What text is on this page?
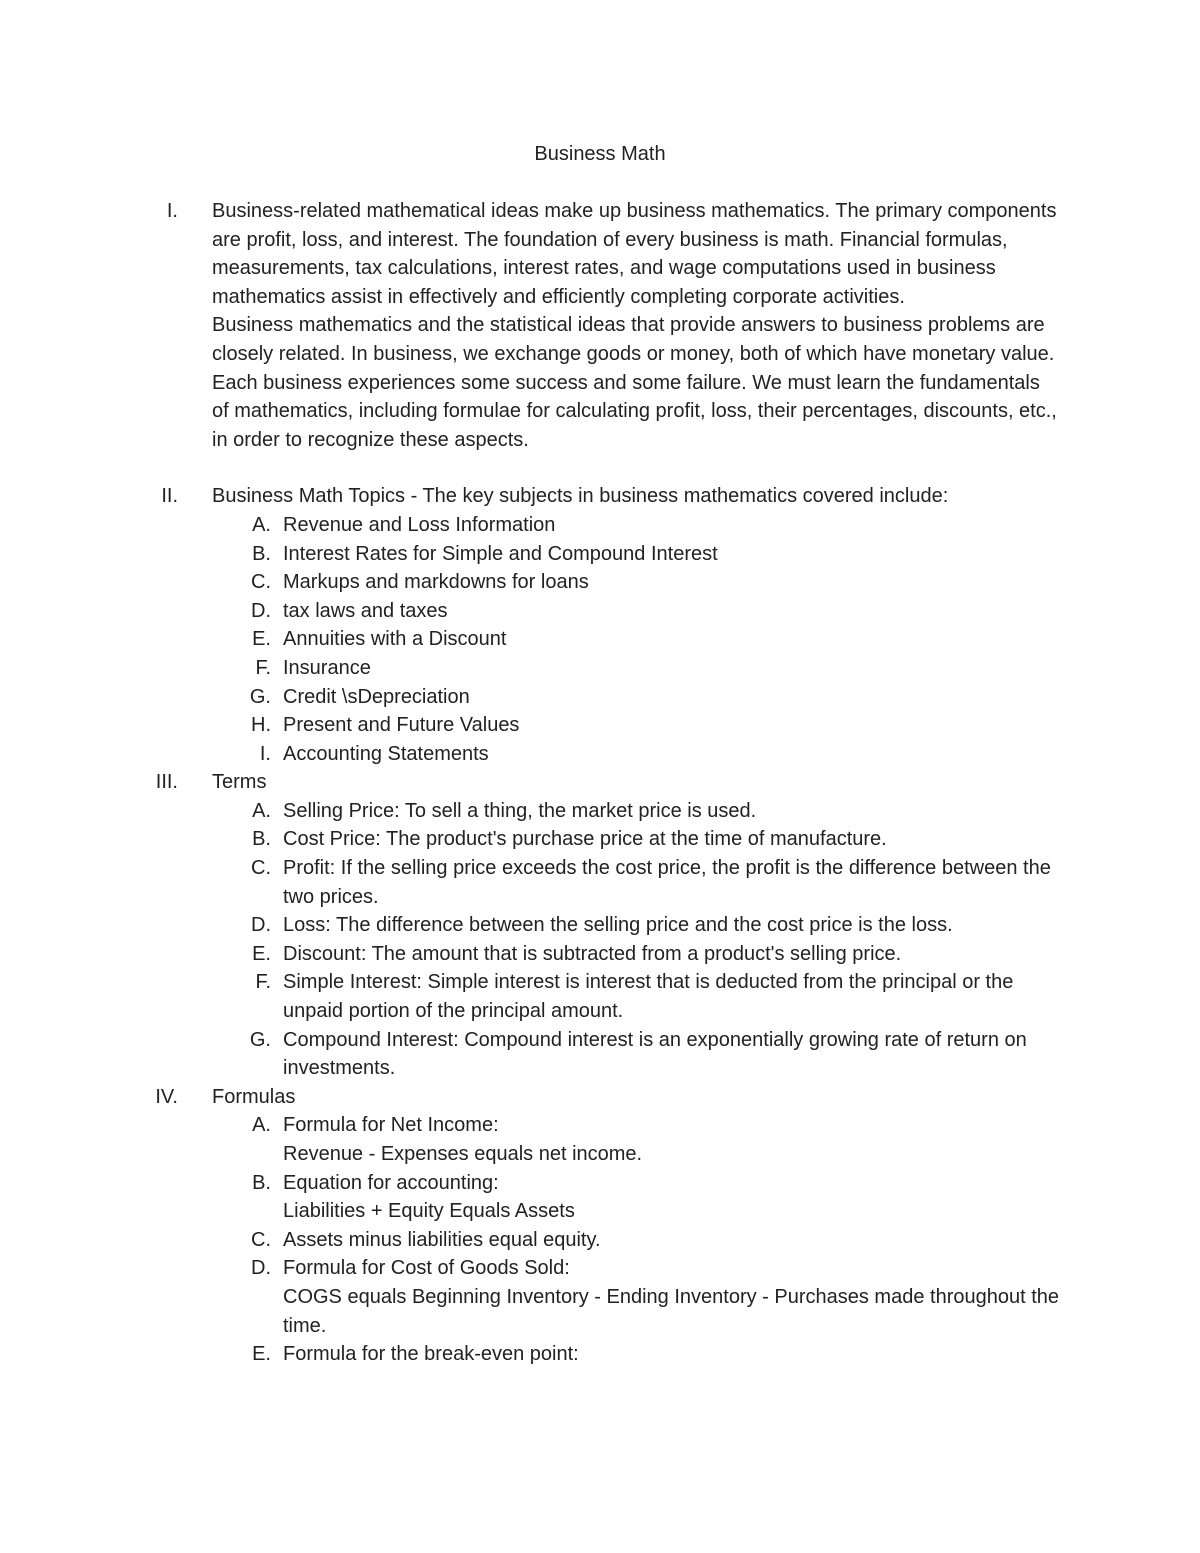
Business Math
I. Business-related mathematical ideas make up business mathematics. The primary components are profit, loss, and interest. The foundation of every business is math. Financial formulas, measurements, tax calculations, interest rates, and wage computations used in business mathematics assist in effectively and efficiently completing corporate activities.

Business mathematics and the statistical ideas that provide answers to business problems are closely related. In business, we exchange goods or money, both of which have monetary value. Each business experiences some success and some failure. We must learn the fundamentals of mathematics, including formulae for calculating profit, loss, their percentages, discounts, etc., in order to recognize these aspects.

II. Business Math Topics - The key subjects in business mathematics covered include:
A. Revenue and Loss Information
B. Interest Rates for Simple and Compound Interest
C. Markups and markdowns for loans
D. tax laws and taxes
E. Annuities with a Discount
F. Insurance
G. Credit \sDepreciation
H. Present and Future Values
I. Accounting Statements
III. Terms
A. Selling Price: To sell a thing, the market price is used.
B. Cost Price: The product's purchase price at the time of manufacture.
C. Profit: If the selling price exceeds the cost price, the profit is the difference between the two prices.
D. Loss: The difference between the selling price and the cost price is the loss.
E. Discount: The amount that is subtracted from a product's selling price.
F. Simple Interest: Simple interest is interest that is deducted from the principal or the unpaid portion of the principal amount.
G. Compound Interest: Compound interest is an exponentially growing rate of return on investments.
IV. Formulas
A. Formula for Net Income:
Revenue - Expenses equals net income.
B. Equation for accounting:
Liabilities + Equity Equals Assets
C. Assets minus liabilities equal equity.
D. Formula for Cost of Goods Sold:
COGS equals Beginning Inventory - Ending Inventory - Purchases made throughout the time.
E. Formula for the break-even point:
